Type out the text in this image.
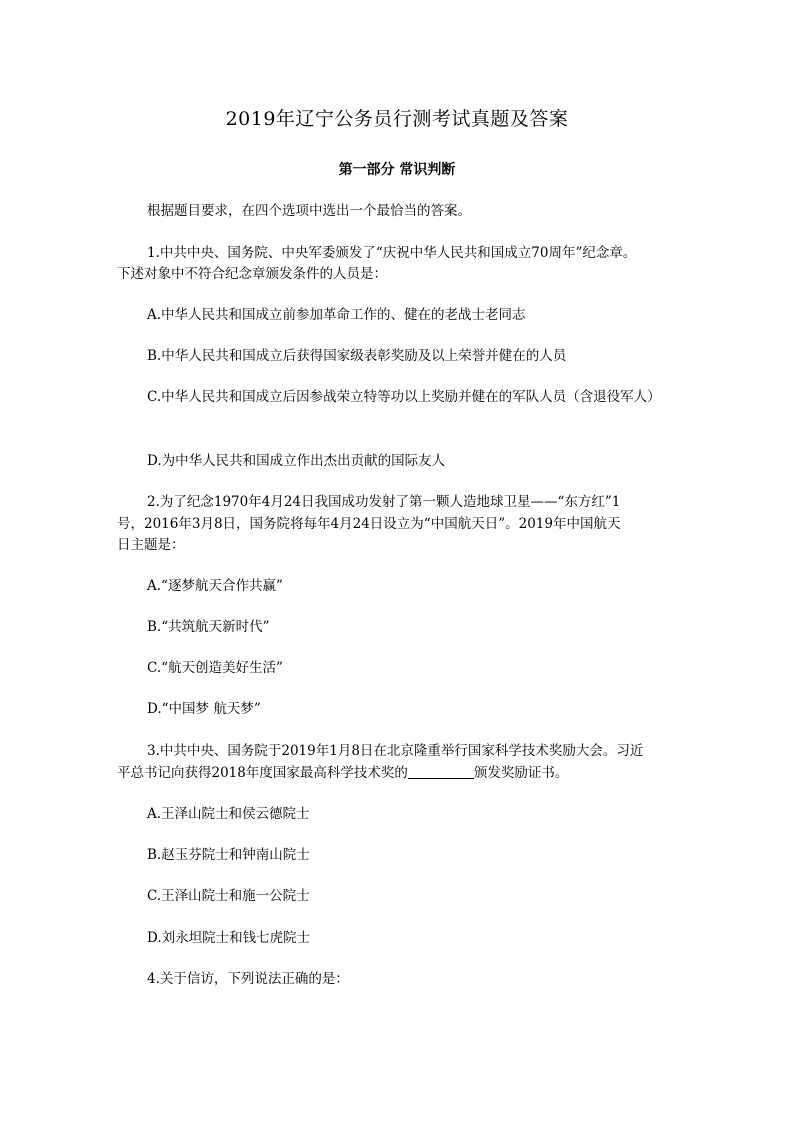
2019年辽宁公务员行测考试真题及答案
第一部分 常识判断
根据题目要求，在四个选项中选出一个最恰当的答案。
1.中共中央、国务院、中央军委颁发了“庆祝中华人民共和国成立70周年”纪念章。
下述对象中不符合纪念章颁发条件的人员是：
A.中华人民共和国成立前参加革命工作的、健在的老战士老同志
B.中华人民共和国成立后获得国家级表彰奖励及以上荣誉并健在的人员
C.中华人民共和国成立后因参战荣立特等功以上奖励并健在的军队人员（含退役军人）
D.为中华人民共和国成立作出杰出贡献的国际友人
2.为了纪念1970年4月24日我国成功发射了第一颗人造地球卫星——“东方红”1
号，2016年3月8日，国务院将每年4月24日设立为“中国航天日”。2019年中国航天
日主题是：
A.“逐梦航天合作共赢”
B.“共筑航天新时代”
C.“航天创造美好生活”
D.“中国梦 航天梦”
3.中共中央、国务院于2019年1月8日在北京隆重举行国家科学技术奖励大会。习近
平总书记向获得2018年度国家最高科学技术奖的	颁发奖励证书。
A.王泽山院士和侯云德院士
B.赵玉芬院士和钟南山院士
C.王泽山院士和施一公院士
D.刘永坦院士和钱七虎院士
4.关于信访，下列说法正确的是：
